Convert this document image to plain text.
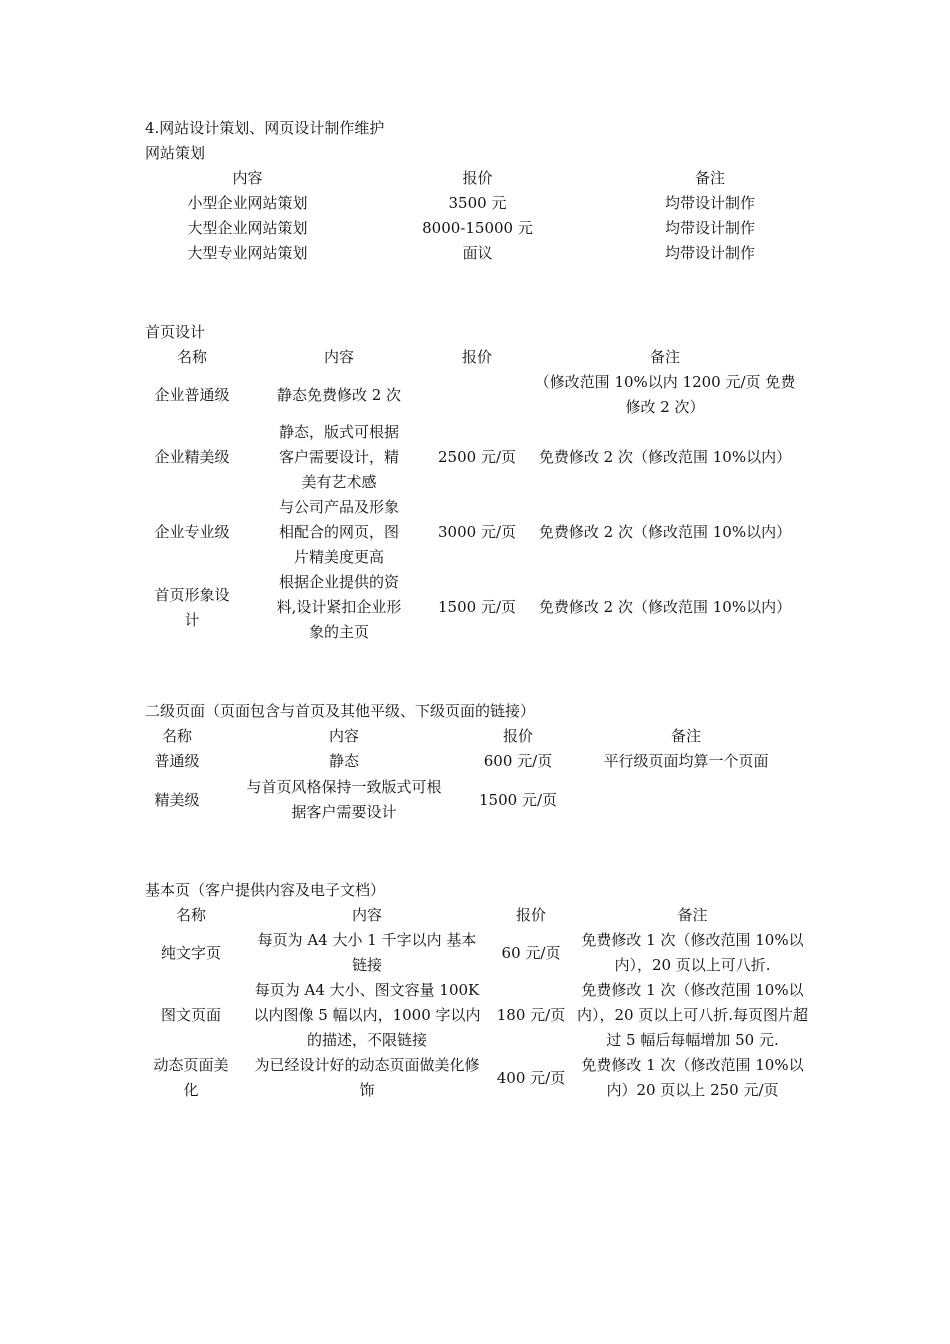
4.网站设计策划、网页设计制作维护
网站策划
内容	报价	备注
小型企业网站策划	3500 元	均带设计制作
大型企业网站策划	8000-15000 元	均带设计制作
大型专业网站策划	面议	均带设计制作
首页设计
名称	内容	报价	备注
企业普通级	静态免费修改 2 次		（修改范围 10%以内 1200 元/页 免费修改 2 次）
企业精美级	静态，版式可根据客户需要设计，精美有艺术感	2500 元/页	免费修改 2 次（修改范围 10%以内）
企业专业级	与公司产品及形象相配合的网页，图片精美度更高	3000 元/页	免费修改 2 次（修改范围 10%以内）
首页形象设计	根据企业提供的资料,设计紧扣企业形象的主页	1500 元/页	免费修改 2 次（修改范围 10%以内）
二级页面（页面包含与首页及其他平级、下级页面的链接）
名称	内容	报价	备注
普通级	静态	600 元/页	平行级页面均算一个页面
精美级	与首页风格保持一致版式可根据客户需要设计	1500 元/页	
基本页（客户提供内容及电子文档）
名称	内容	报价	备注
纯文字页	每页为 A4 大小 1 千字以内 基本链接	60 元/页	免费修改 1 次（修改范围 10%以内），20 页以上可八折.
图文页面	每页为 A4 大小、图文容量 100K 以内图像 5 幅以内，1000 字以内的描述，不限链接	180 元/页	免费修改 1 次（修改范围 10%以内），20 页以上可八折.每页图片超过 5 幅后每幅增加 50 元.
动态页面美化	为已经设计好的动态页面做美化修饰	400 元/页	免费修改 1 次（修改范围 10%以内）20 页以上 250 元/页
